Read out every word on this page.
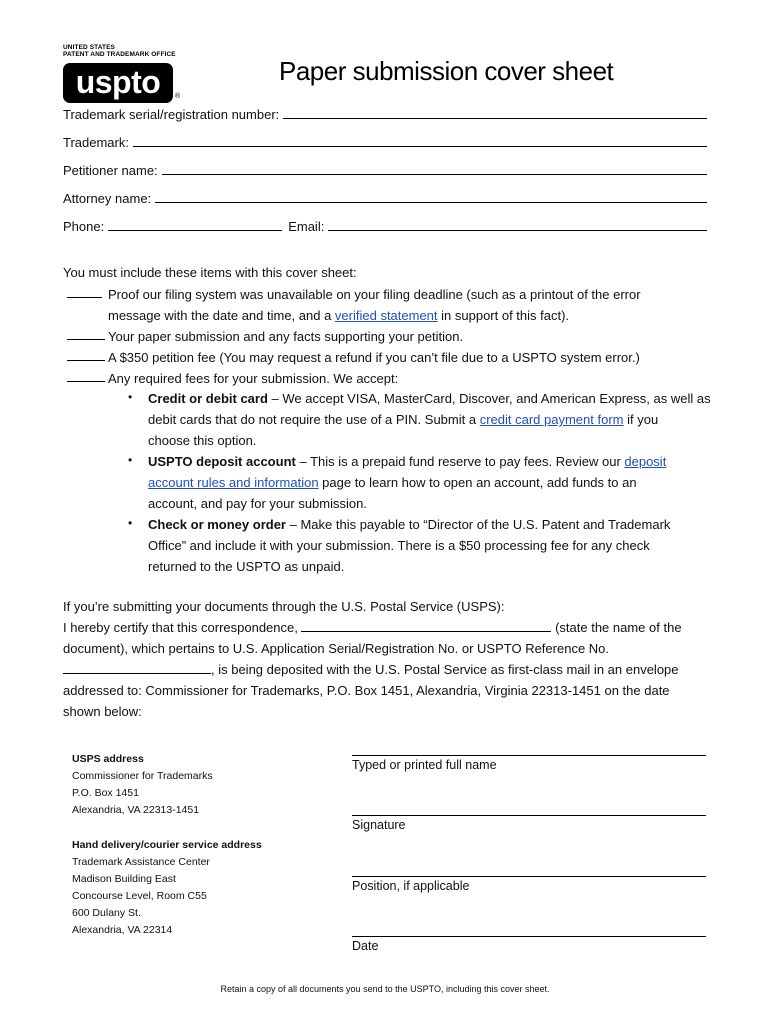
UNITED STATES
PATENT AND TRADEMARK OFFICE
uspto	®
Paper submission cover sheet
Trademark serial/registration number:
Trademark:
Petitioner name:
Attorney name:
Phone:	Email:
You must include these items with this cover sheet:
Proof our filing system was unavailable on your filing deadline (such as a printout of the error
message with the date and time, and a verified statement in support of this fact).
Your paper submission and any facts supporting your petition.
A $350 petition fee (You may request a refund if you can’t file due to a USPTO system error.)
Any required fees for your submission. We accept:
• Credit or debit card – We accept VISA, MasterCard, Discover, and American Express, as well as
debit cards that do not require the use of a PIN. Submit a credit card payment form if you
choose this option.
• USPTO deposit account – This is a prepaid fund reserve to pay fees. Review our deposit
account rules and information page to learn how to open an account, add funds to an
account, and pay for your submission.
• Check or money order – Make this payable to “Director of the U.S. Patent and Trademark
Office” and include it with your submission. There is a $50 processing fee for any check
returned to the USPTO as unpaid.
If you’re submitting your documents through the U.S. Postal Service (USPS):
I hereby certify that this correspondence,	(state the name of the
document), which pertains to U.S. Application Serial/Registration No. or USPTO Reference No.
, is being deposited with the U.S. Postal Service as first-class mail in an envelope
addressed to: Commissioner for Trademarks, P.O. Box 1451, Alexandria, Virginia 22313-1451 on the date
shown below:
USPS address
Commissioner for Trademarks
P.O. Box 1451
Alexandria, VA 22313-1451
Hand delivery/courier service address
Trademark Assistance Center
Madison Building East
Concourse Level, Room C55
600 Dulany St.
Alexandria, VA 22314
Typed or printed full name
Signature
Position, if applicable
Date
Retain a copy of all documents you send to the USPTO, including this cover sheet.
